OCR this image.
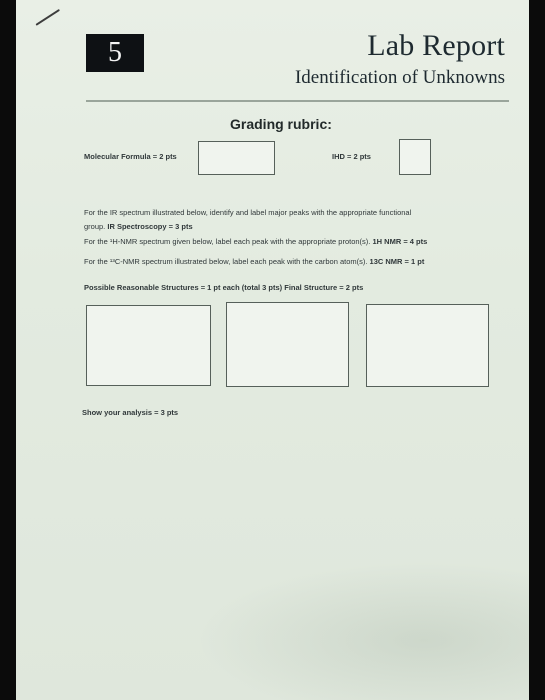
5	Lab Report
Identification of Unknowns
Grading rubric:
Molecular Formula = 2 pts	IHD = 2 pts
For the IR spectrum illustrated below, identify and label major peaks with the appropriate functional
group. IR Spectroscopy = 3 pts
For the ¹H-NMR spectrum given below, label each peak with the appropriate proton(s). 1H NMR = 4 pts
For the ¹³C-NMR spectrum illustrated below, label each peak with the carbon atom(s). 13C NMR = 1 pt
Possible Reasonable Structures = 1 pt each (total 3 pts) Final Structure = 2 pts
Show your analysis = 3 pts
